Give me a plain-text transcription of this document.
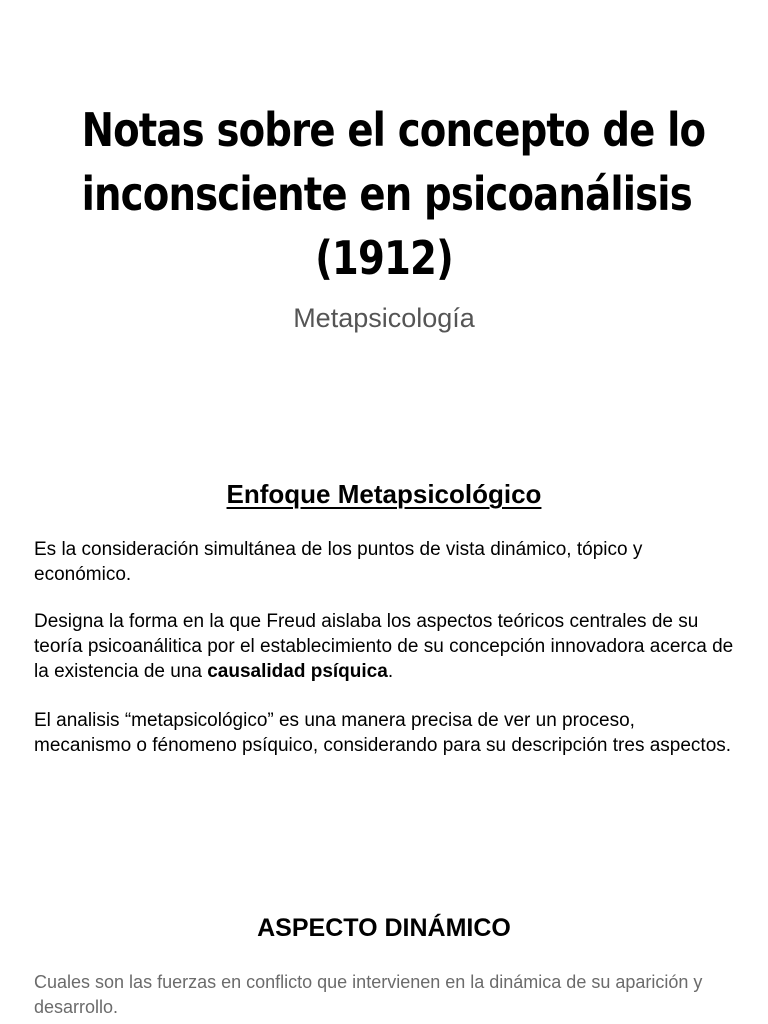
Notas sobre el concepto de lo
inconsciente en psicoanálisis
(1912)
Metapsicología
Enfoque Metapsicológico

Es la consideración simultánea de los puntos de vista dinámico, tópico y económico.

Designa la forma en la que Freud aislaba los aspectos teóricos centrales de su teoría psicoanálitica por el establecimiento de su concepción innovadora acerca de la existencia de una causalidad psíquica.

El analisis “metapsicológico” es una manera precisa de ver un proceso, mecanismo o fénomeno psíquico, considerando para su descripción tres aspectos.

ASPECTO DINÁMICO

Cuales son las fuerzas en conflicto que intervienen en la dinámica de su aparición y desarrollo.
